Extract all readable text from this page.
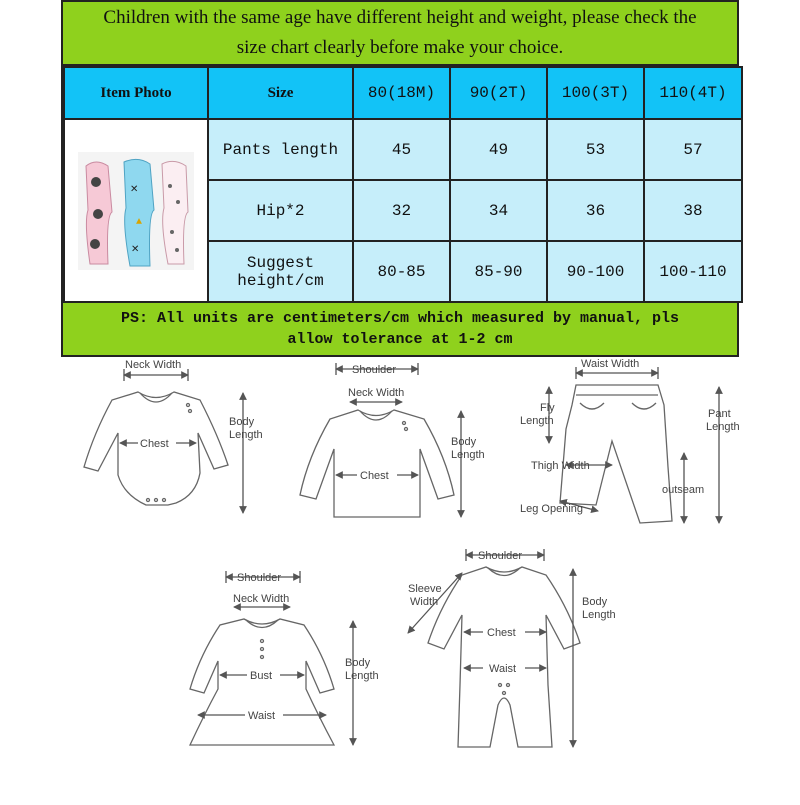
Children with the same age have different height and weight, please check the
size chart clearly before make your choice.
Item Photo	Size	80(18M)	90(2T)	100(3T)	110(4T)

✕
▲
✕	Pants length	45	49	53	57
	Hip*2	32	34	36	38

	Suggest
height/cm	80-85	85-90	90-100	100-110
PS: All units are centimeters/cm which measured by manual, pls
allow tolerance at 1-2 cm
Neck Width
Chest
Body
Length
Shoulder
Neck Width
Chest
Body
Length
Waist Width
Fly
Length
Pant
Length
Thigh Width
outseam
Leg Opening
Shoulder
Neck Width
Bust
Waist
Body
Length
Shoulder
Sleeve
Width
Chest
Waist
Body
Length
